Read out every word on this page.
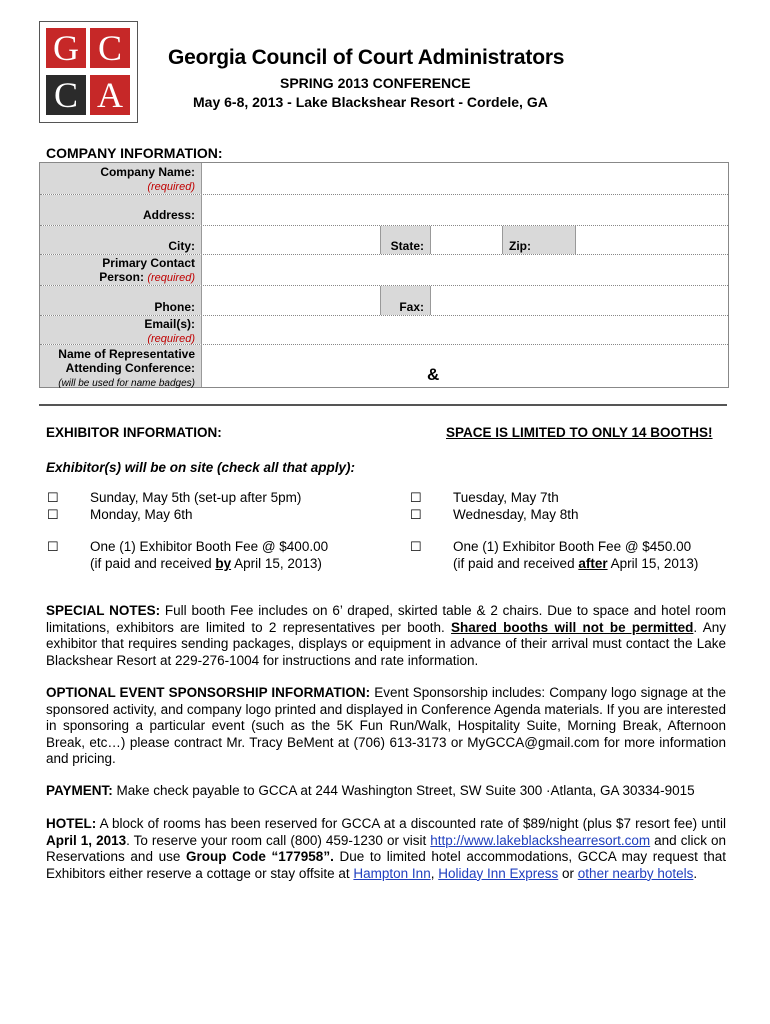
G C
C A
Georgia Council of Court Administrators
SPRING 2013 CONFERENCE
May 6-8, 2013 - Lake Blackshear Resort - Cordele, GA
COMPANY INFORMATION:
Company Name:
(required)
Address:
City:	State:	Zip:
Primary Contact
Person: (required)
Phone:	Fax:
Email(s):
(required)
Name of Representative
Attending Conference:
(will be used for name badges)	&
EXHIBITOR INFORMATION:	SPACE IS LIMITED TO ONLY 14 BOOTHS!
Exhibitor(s) will be on site (check all that apply):
☐ Sunday, May 5th (set-up after 5pm)
☐ Monday, May 6th
☐ Tuesday, May 7th
☐ Wednesday, May 8th
☐ One (1) Exhibitor Booth Fee @ $400.00
(if paid and received by April 15, 2013)
☐ One (1) Exhibitor Booth Fee @ $450.00
(if paid and received after April 15, 2013)
SPECIAL NOTES: Full booth Fee includes on 6’ draped, skirted table & 2 chairs. Due to space and hotel room limitations, exhibitors are limited to 2 representatives per booth. Shared booths will not be permitted. Any exhibitor that requires sending packages, displays or equipment in advance of their arrival must contact the Lake Blackshear Resort at 229-276-1004 for instructions and rate information.
OPTIONAL EVENT SPONSORSHIP INFORMATION: Event Sponsorship includes: Company logo signage at the sponsored activity, and company logo printed and displayed in Conference Agenda materials. If you are interested in sponsoring a particular event (such as the 5K Fun Run/Walk, Hospitality Suite, Morning Break, Afternoon Break, etc…) please contract Mr. Tracy BeMent at (706) 613-3173 or MyGCCA@gmail.com for more information and pricing.
PAYMENT: Make check payable to GCCA at 244 Washington Street, SW Suite 300 ·Atlanta, GA 30334-9015
HOTEL: A block of rooms has been reserved for GCCA at a discounted rate of $89/night (plus $7 resort fee) until April 1, 2013. To reserve your room call (800) 459-1230 or visit http://www.lakeblackshearresort.com and click on Reservations and use Group Code “177958”. Due to limited hotel accommodations, GCCA may request that Exhibitors either reserve a cottage or stay offsite at Hampton Inn, Holiday Inn Express or other nearby hotels.
